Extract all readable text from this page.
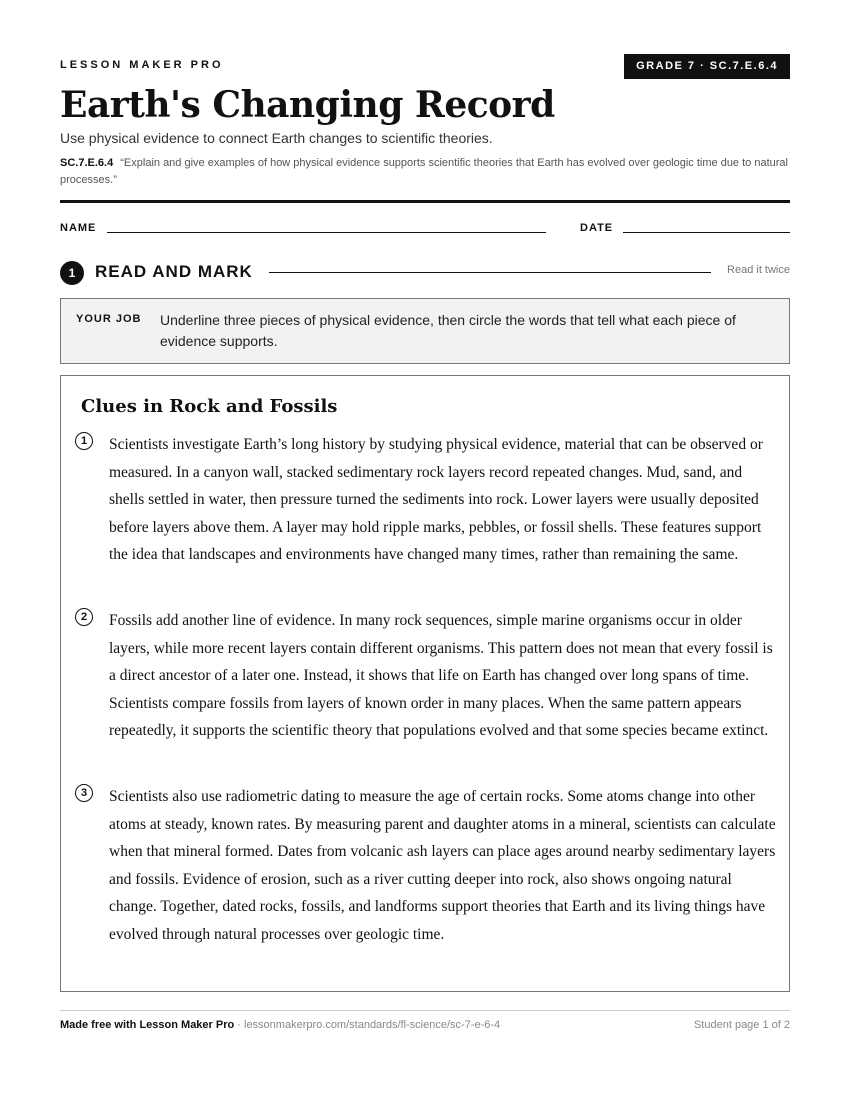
LESSON MAKER PRO	GRADE 7 · SC.7.E.6.4
Earth's Changing Record
Use physical evidence to connect Earth changes to scientific theories.
SC.7.E.6.4 “Explain and give examples of how physical evidence supports scientific theories that Earth has evolved over geologic time due to natural processes.”
NAME	DATE
1	READ AND MARK	Read it twice
YOUR JOB Underline three pieces of physical evidence, then circle the words that tell what each piece of evidence supports.
Clues in Rock and Fossils
1	Scientists investigate Earth’s long history by studying physical evidence, material that can be observed or measured. In a canyon wall, stacked sedimentary rock layers record repeated changes. Mud, sand, and shells settled in water, then pressure turned the sediments into rock. Lower layers were usually deposited before layers above them. A layer may hold ripple marks, pebbles, or fossil shells. These features support the idea that landscapes and environments have changed many times, rather than remaining the same.

2	Fossils add another line of evidence. In many rock sequences, simple marine organisms occur in older layers, while more recent layers contain different organisms. This pattern does not mean that every fossil is a direct ancestor of a later one. Instead, it shows that life on Earth has changed over long spans of time. Scientists compare fossils from layers of known order in many places. When the same pattern appears repeatedly, it supports the scientific theory that populations evolved and that some species became extinct.

3	Scientists also use radiometric dating to measure the age of certain rocks. Some atoms change into other atoms at steady, known rates. By measuring parent and daughter atoms in a mineral, scientists can calculate when that mineral formed. Dates from volcanic ash layers can place ages around nearby sedimentary layers and fossils. Evidence of erosion, such as a river cutting deeper into rock, also shows ongoing natural change. Together, dated rocks, fossils, and landforms support theories that Earth and its living things have evolved through natural processes over geologic time.

Made free with Lesson Maker Pro · lessonmakerpro.com/standards/fl-science/sc-7-e-6-4	Student page 1 of 2
